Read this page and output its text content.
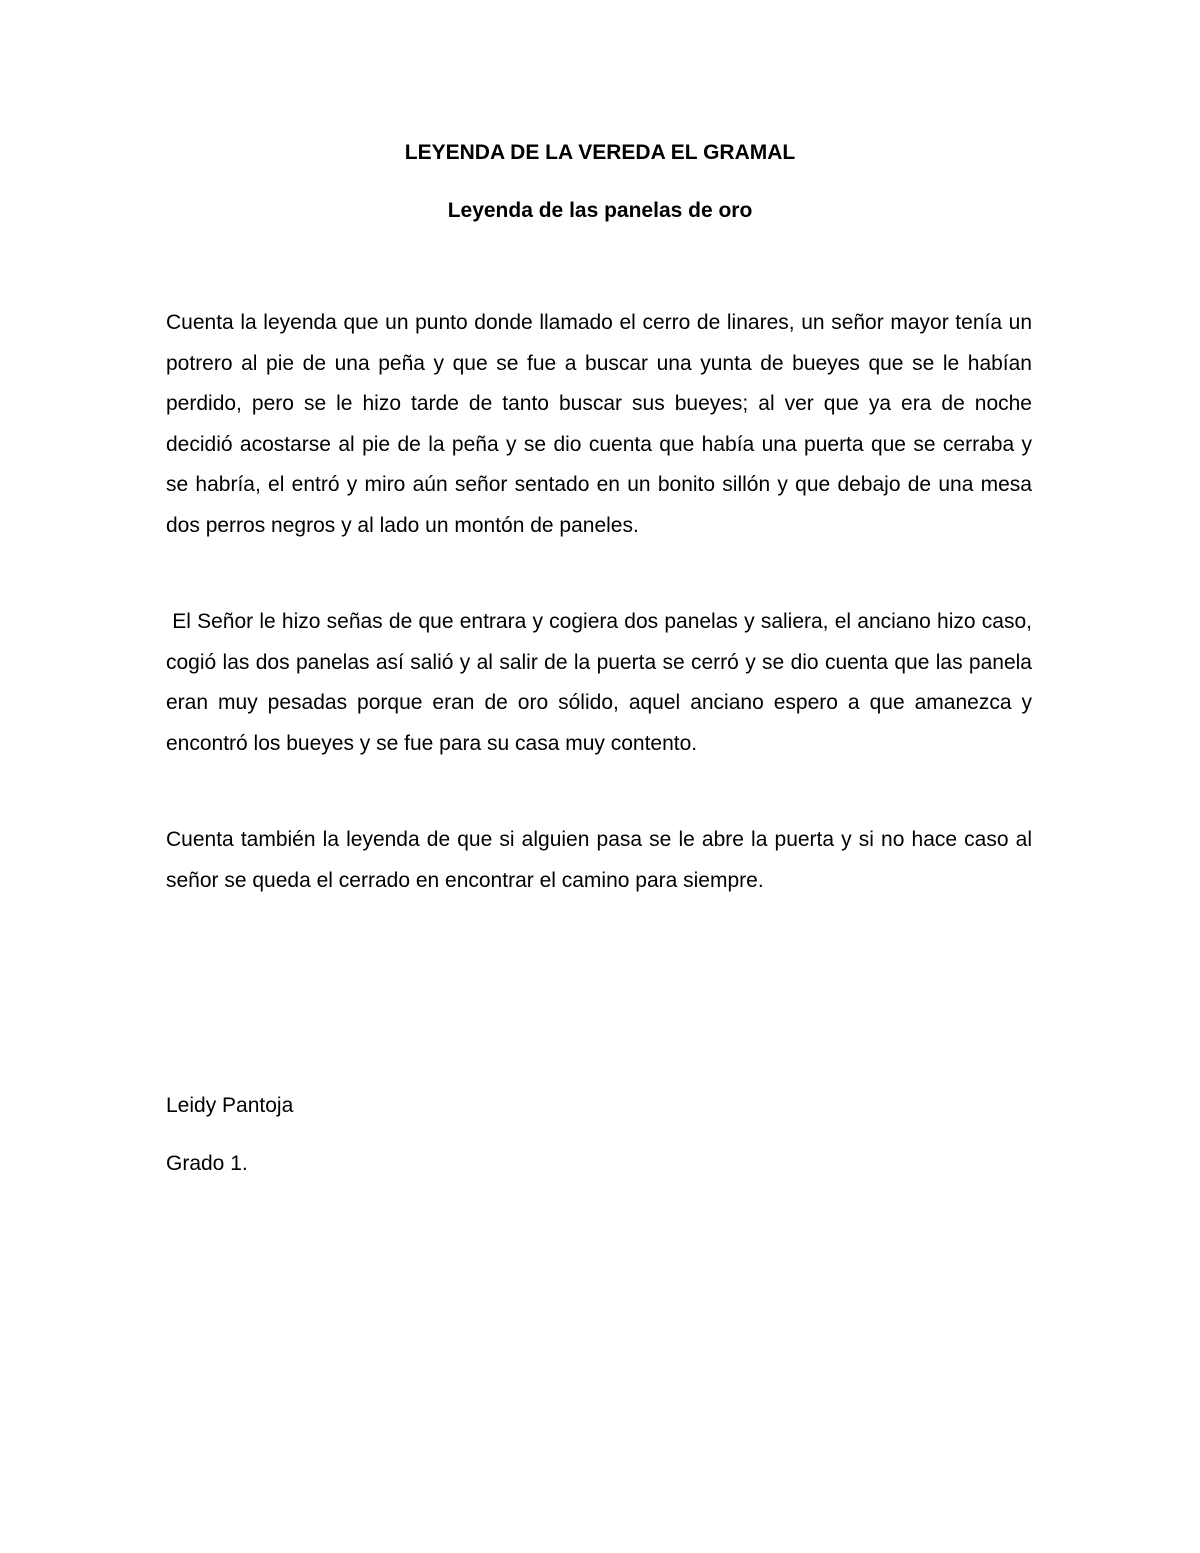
LEYENDA DE LA VEREDA EL GRAMAL
Leyenda de las panelas de oro

Cuenta la leyenda que un punto donde llamado el cerro de linares, un señor mayor tenía un potrero al pie de una peña y que se fue a buscar una yunta de bueyes que se le habían perdido, pero se le hizo tarde de tanto buscar sus bueyes; al ver que ya era de noche decidió acostarse al pie de la peña y se dio cuenta que había una puerta que se cerraba y se habría, el entró y miro aún señor sentado en un bonito sillón y que debajo de una mesa dos perros negros y al lado un montón de paneles.

El Señor le hizo señas de que entrara y cogiera dos panelas y saliera, el anciano hizo caso, cogió las dos panelas así salió y al salir de la puerta se cerró y se dio cuenta que las panela eran muy pesadas porque eran de oro sólido, aquel anciano espero a que amanezca y encontró los bueyes y se fue para su casa muy contento.

Cuenta también la leyenda de que si alguien pasa se le abre la puerta y si no hace caso al señor se queda el cerrado en encontrar el camino para siempre.

Leidy Pantoja

Grado 1.
